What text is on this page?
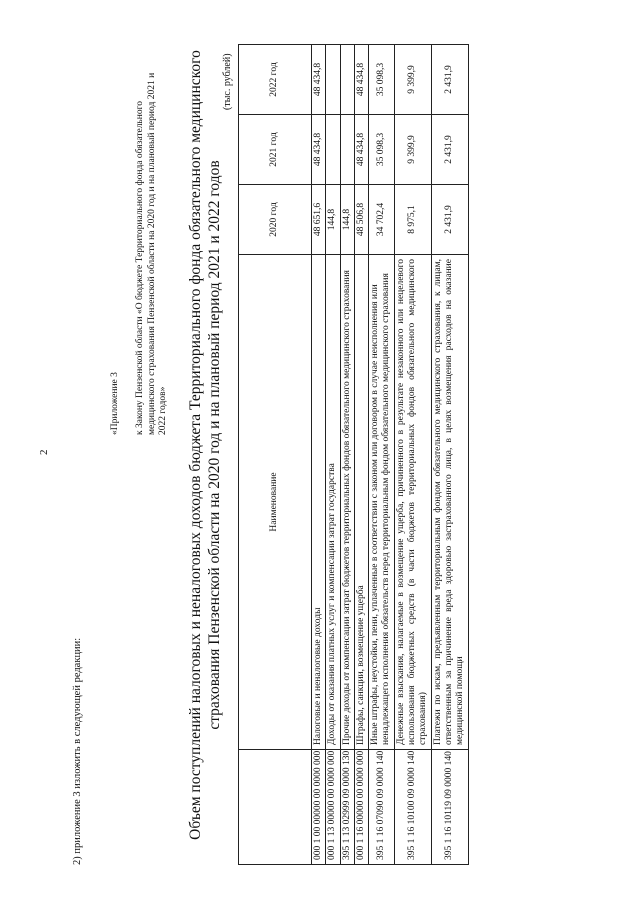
2
2) приложение 3 изложить в следующей редакции:
«Приложение 3 к Закону Пензенской области «О бюджете Территориального фонда обязательного медицинского страхования Пензенской области на 2020 год и на плановый период 2021 и 2022 годов» Объем поступлений налоговых и неналоговых доходов бюджета Территориального фонда обязательного медицинского страхования Пензенской области на 2020 год и на плановый период 2021 и 2022 годов
(тыс. рублей)
	Наименование	2020 год	2021 год	2022 год
000 1 00 00000 00 0000 000	Налоговые и неналоговые доходы	48 651,6	48 434,8	48 434,8
000 1 13 00000 00 0000 000	Доходы от оказания платных услуг и компенсации затрат государства	144,8		
395 1 13 02999 09 0000 130	Прочие доходы от компенсации затрат бюджетов территориальных фондов обязательного медицинского страхования	144,8		
000 1 16 00000 00 0000 000	Штрафы, санкции, возмещение ущерба	48 506,8	48 434,8	48 434,8
395 1 16 07090 09 0000 140	Иные штрафы, неустойки, пени, уплаченные в соответствии с законом или договором в случае неисполнения или ненадлежащего исполнения обязательств перед территориальным фондом обязательного медицинского страхования	34 702,4	35 098,3	35 098,3
395 1 16 10100 09 0000 140	Денежные взыскания, налагаемые в возмещение ущерба, причиненного в результате незаконного или нецелевого использования бюджетных средств (в части бюджетов территориальных фондов обязательного медицинского страхования)	8 975,1	9 399,9	9 399,9
395 1 16 10119 09 0000 140	Платежи по искам, предъявленным территориальным фондом обязательного медицинского страхования, к лицам, ответственным за причинение вреда здоровью застрахованного лица, в целях возмещения расходов на оказание медицинской помощи	2 431,9	2 431,9	2 431,9
